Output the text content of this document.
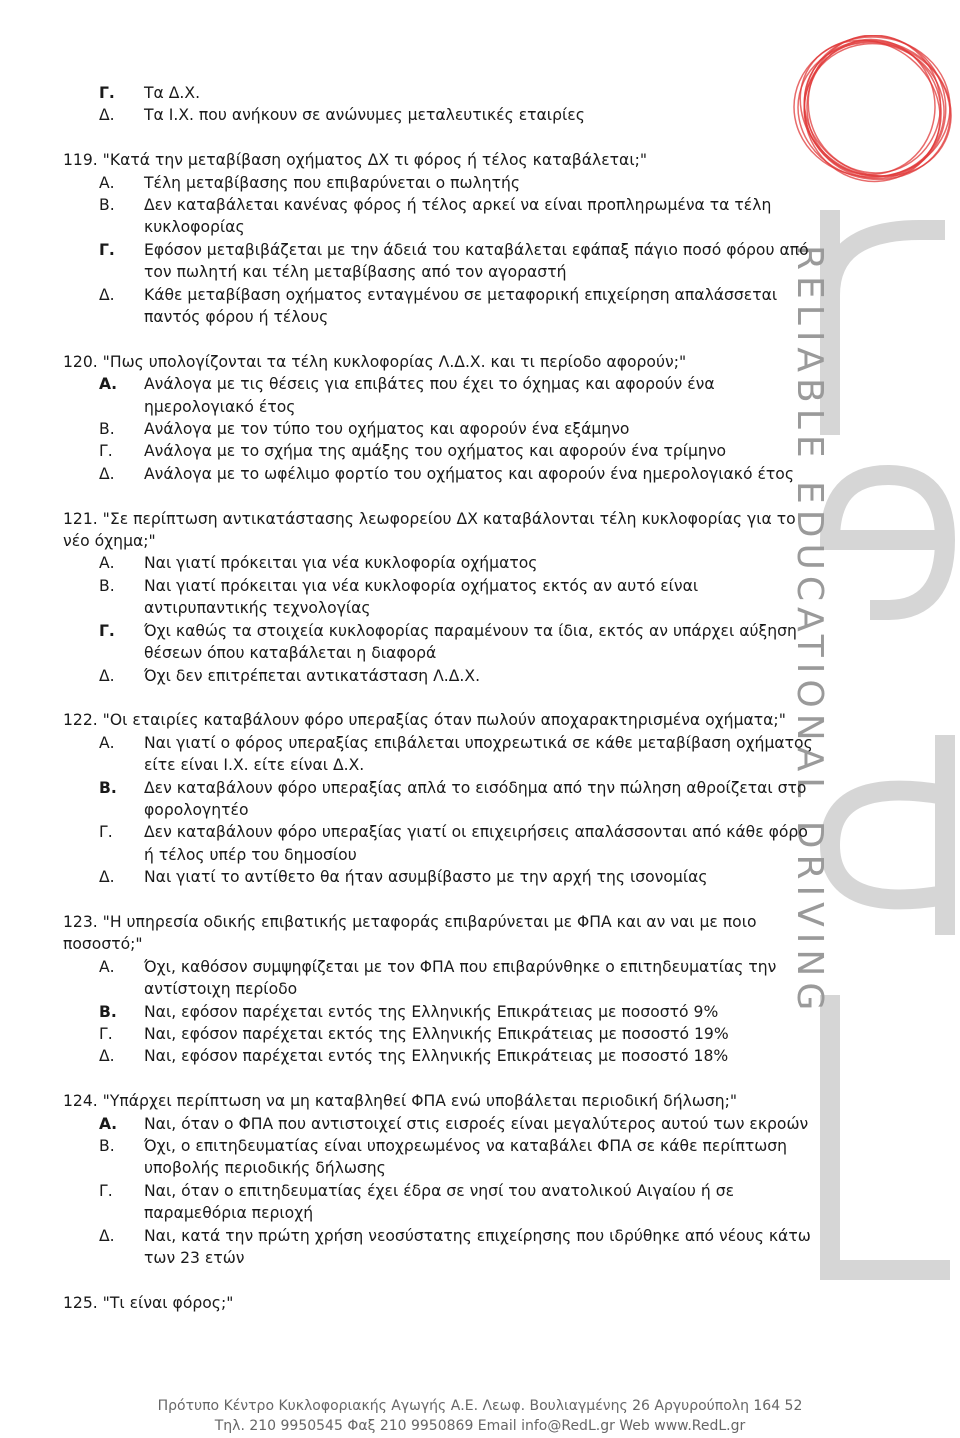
RELIABLE EDUCATIONAL DRIVING
Γ.	Τα Δ.Χ.
Δ.	Τα Ι.Χ. που ανήκουν σε ανώνυμες μεταλευτικές εταιρίες
119. "Κατά την μεταβίβαση οχήματος ΔΧ τι φόρος ή τέλος καταβάλεται;"
Α.	Τέλη μεταβίβασης που επιβαρύνεται ο πωλητής
Β.	Δεν καταβάλεται κανένας φόρος ή τέλος αρκεί να είναι προπληρωμένα τα τέλη κυκλοφορίας
Γ.	Εφόσον μεταβιβάζεται με την άδειά του καταβάλεται εφάπαξ πάγιο ποσό φόρου από τον πωλητή και τέλη μεταβίβασης από τον αγοραστή
Δ.	Κάθε μεταβίβαση οχήματος ενταγμένου σε μεταφορική επιχείρηση απαλάσσεται παντός φόρου ή τέλους
120. "Πως υπολογίζονται τα τέλη κυκλοφορίας Λ.Δ.Χ. και τι περίοδο αφορούν;"
Α.	Ανάλογα με τις θέσεις για επιβάτες που έχει το όχημας και αφορούν ένα ημερολογιακό έτος
Β.	Ανάλογα με τον τύπο του οχήματος και αφορούν ένα εξάμηνο
Γ.	Ανάλογα με το σχήμα της αμάξης του οχήματος και αφορούν ένα τρίμηνο
Δ.	Ανάλογα με το ωφέλιμο φορτίο του οχήματος και αφορούν ένα ημερολογιακό έτος
121. "Σε περίπτωση αντικατάστασης λεωφορείου ΔΧ καταβάλονται τέλη κυκλοφορίας για το νέο όχημα;"
Α.	Ναι γιατί πρόκειται για νέα κυκλοφορία οχήματος
Β.	Ναι γιατί πρόκειται για νέα κυκλοφορία οχήματος εκτός αν αυτό είναι αντιρυπαντικής τεχνολογίας
Γ.	Όχι καθώς τα στοιχεία κυκλοφορίας παραμένουν τα ίδια, εκτός αν υπάρχει αύξηση θέσεων όπου καταβάλεται η διαφορά
Δ.	Όχι δεν επιτρέπεται αντικατάσταση Λ.Δ.Χ.
122. "Οι εταιρίες καταβάλουν φόρο υπεραξίας όταν πωλούν αποχαρακτηρισμένα οχήματα;"
Α.	Ναι γιατί ο φόρος υπεραξίας επιβάλεται υποχρεωτικά σε κάθε μεταβίβαση οχήματος είτε είναι Ι.Χ. είτε είναι Δ.Χ.
Β.	Δεν καταβάλουν φόρο υπεραξίας απλά το εισόδημα από την πώληση αθροίζεται στο φορολογητέο
Γ.	Δεν καταβάλουν φόρο υπεραξίας γιατί οι επιχειρήσεις απαλάσσονται από κάθε φόρο ή τέλος υπέρ του δημοσίου
Δ.	Ναι γιατί το αντίθετο θα ήταν ασυμβίβαστο με την αρχή της ισονομίας
123. "Η υπηρεσία οδικής επιβατικής μεταφοράς επιβαρύνεται με ΦΠΑ και αν ναι με ποιο ποσοστό;"
Α.	Όχι, καθόσον συμψηφίζεται με τον ΦΠΑ που επιβαρύνθηκε ο επιτηδευματίας την αντίστοιχη περίοδο
Β.	Ναι, εφόσον παρέχεται εντός της Ελληνικής Επικράτειας με ποσοστό 9%
Γ.	Ναι, εφόσον παρέχεται εκτός της Ελληνικής Επικράτειας με ποσοστό 19%
Δ.	Ναι, εφόσον παρέχεται εντός της Ελληνικής Επικράτειας με ποσοστό 18%
124. "Υπάρχει περίπτωση να μη καταβληθεί ΦΠΑ ενώ υποβάλεται περιοδική δήλωση;"
Α.	Ναι, όταν ο ΦΠΑ που αντιστοιχεί στις εισροές είναι μεγαλύτερος αυτού των εκροών
Β.	Όχι, ο επιτηδευματίας είναι υποχρεωμένος να καταβάλει ΦΠΑ σε κάθε περίπτωση υποβολής περιοδικής δήλωσης
Γ.	Ναι, όταν ο επιτηδευματίας έχει έδρα σε νησί του ανατολικού Αιγαίου ή σε παραμεθόρια περιοχή
Δ.	Ναι, κατά την πρώτη χρήση νεοσύστατης επιχείρησης που ιδρύθηκε από νέους κάτω των 23 ετών
125. "Τι είναι φόρος;"
Πρότυπο Κέντρο Κυκλοφοριακής Αγωγής Α.Ε. Λεωφ. Βουλιαγμένης 26 Αργυρούπολη 164 52
Τηλ. 210 9950545 Φαξ 210 9950869 Email info@RedL.gr Web www.RedL.gr
